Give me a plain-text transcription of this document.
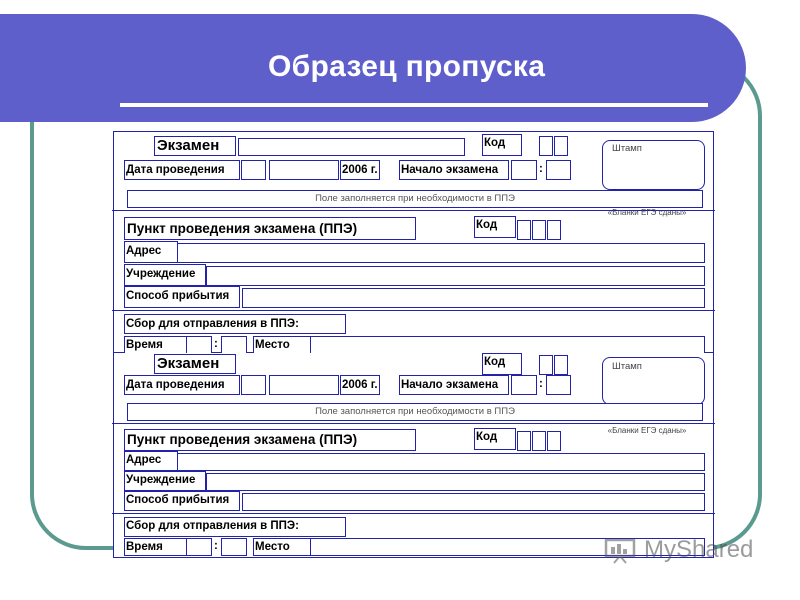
Образец пропуска
Экзамен	Код	Штамп
Дата проведения	2006 г. Начало экзамена	:
Поле заполняется при необходимости в ППЭ
«Бланки ЕГЭ сданы»
Пункт проведения экзамена (ППЭ)	Код
Адрес
Учреждение
Способ прибытия
Сбор для отправления в ППЭ:
Время	:	Место
Экзамен	Код	Штамп
Дата проведения	2006 г. Начало экзамена	:
Поле заполняется при необходимости в ППЭ
«Бланки ЕГЭ сданы»
Пункт проведения экзамена (ППЭ)	Код
Адрес
Учреждение
Способ прибытия
Сбор для отправления в ППЭ:
Время	:	Место	MyShared
